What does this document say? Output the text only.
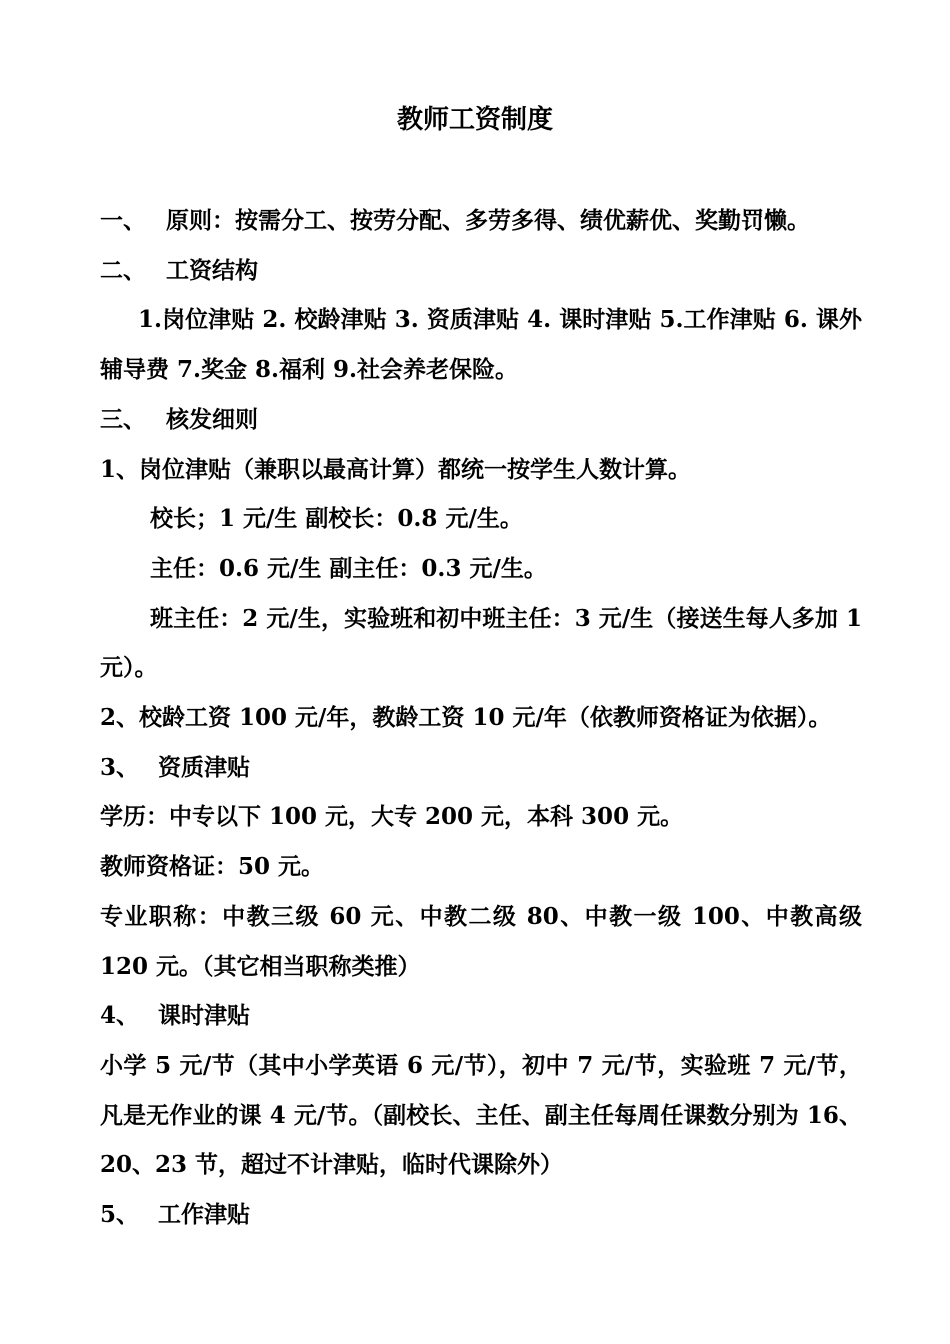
教师工资制度

一、 原则：按需分工、按劳分配、多劳多得、绩优薪优、奖勤罚懒。

二、 工资结构

1.岗位津贴 2. 校龄津贴 3. 资质津贴 4. 课时津贴 5.工作津贴 6. 课外辅导费 7.奖金 8.福利 9.社会养老保险。

三、 核发细则

1、岗位津贴（兼职以最高计算）都统一按学生人数计算。

校长；1 元/生 副校长：0.8 元/生。

主任：0.6 元/生 副主任：0.3 元/生。

班主任：2 元/生，实验班和初中班主任：3 元/生（接送生每人多加 1 元）。

2、校龄工资 100 元/年，教龄工资 10 元/年（依教师资格证为依据）。

3、 资质津贴

学历：中专以下 100 元，大专 200 元，本科 300 元。

教师资格证：50 元。

专业职称：中教三级 60 元、中教二级 80、中教一级 100、中教高级 120 元。（其它相当职称类推）

4、 课时津贴

小学 5 元/节（其中小学英语 6 元/节），初中 7 元/节，实验班 7 元/节，凡是无作业的课 4 元/节。（副校长、主任、副主任每周任课数分别为 16、20、23 节，超过不计津贴，临时代课除外）

5、 工作津贴
